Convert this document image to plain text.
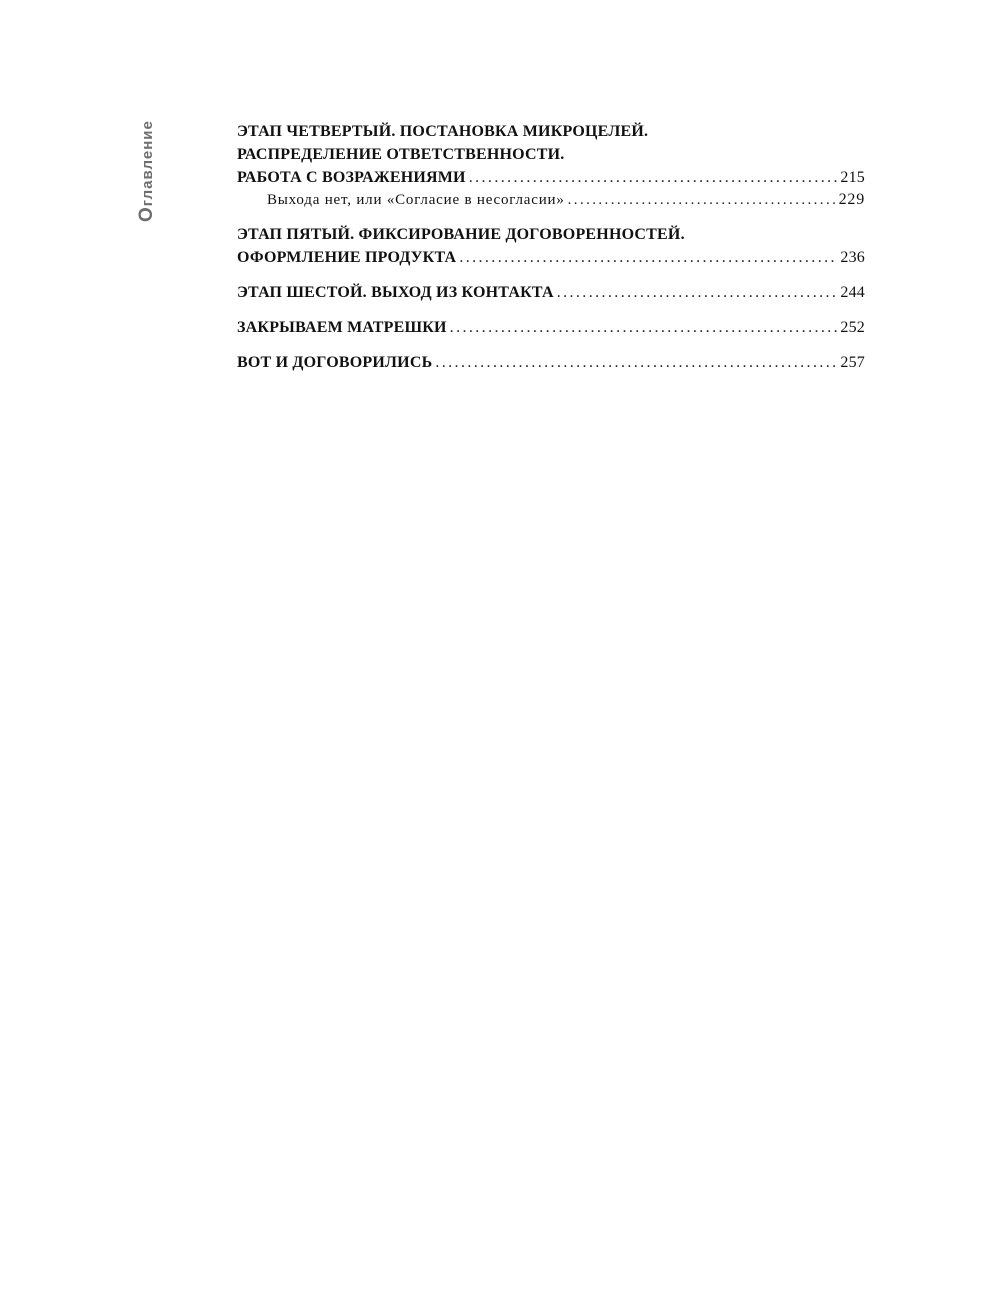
Оглавление	ЭТАП ЧЕТВЕРТЫЙ. ПОСТАНОВКА МИКРОЦЕЛЕЙ.
РАСПРЕДЕЛЕНИЕ ОТВЕТСТВЕННОСТИ.
РАБОТА С ВОЗРАЖЕНИЯМИ .....	215
Выхода нет, или «Согласие в несогласии» .....	229
ЭТАП ПЯТЫЙ. ФИКСИРОВАНИЕ ДОГОВОРЕННОСТЕЙ.
ОФОРМЛЕНИЕ ПРОДУКТА .....	236
ЭТАП ШЕСТОЙ. ВЫХОД ИЗ КОНТАКТА .....	244
ЗАКРЫВАЕМ МАТРЕШКИ .....	252
ВОТ И ДОГОВОРИЛИСЬ .....	257
